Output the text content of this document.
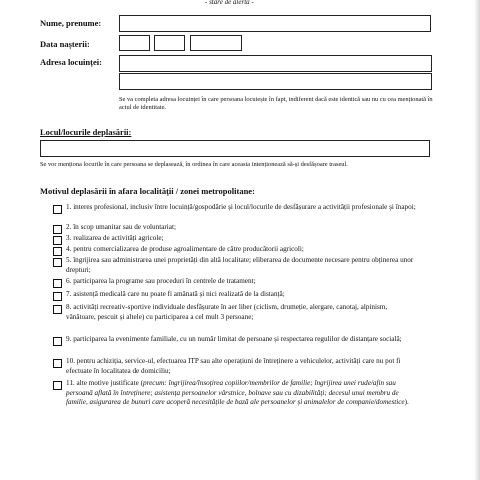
- stare de alertă -
Nume, prenume:
Data nașterii:
Adresa locuinței:
Se va completa adresa locuinței în care persoana locuiește în fapt, indiferent dacă este identică sau nu cu cea menționată în actul de identitate.
Locul/locurile deplasării:
Se vor menționa locurile în care persoana se deplasează, în ordinea în care aceasta intenționează să-și desfășoare traseul.
Motivul deplasării în afara localității / zonei metropolitane:
1. interes profesional, inclusiv între locuință/gospodărie și locul/locurile de desfășurare a activității profesionale și înapoi;
2. în scop umanitar sau de voluntariat;
3. realizarea de activități agricole;
4. pentru comercializarea de produse agroalimentare de către producătorii agricoli;
5. îngrijirea sau administrarea unei proprietăți din altă localitate; eliberarea de documente necesare pentru obținerea unor drepturi;
6. participarea la programe sau proceduri în centrele de tratament;
7. asistență medicală care nu poate fi amânată și nici realizată de la distanță;
8. activități recreativ-sportive individuale desfășurate în aer liber (ciclism, drumeție, alergare, canotaj, alpinism, vânătoare, pescuit și altele) cu participarea a cel mult 3 persoane;
9. participarea la evenimente familiale, cu un număr limitat de persoane și respectarea regulilor de distanțare socială;
10. pentru achiziția, service-ul, efectuarea ITP sau alte operațiuni de întreținere a vehiculelor, activități care nu pot fi efectuate în localitatea de domiciliu;
11. alte motive justificate (precum: îngrijirea/însoțirea copiilor/membrilor de familie; îngrijirea unei rude/afin sau persoană aflată în întreținere; asistența persoanelor vârstnice, bolnave sau cu dizabilități; decesul unui membru de familie, asigurarea de bunuri care acoperă necesitățile de bază ale persoanelor și animalelor de companie/domestice).
